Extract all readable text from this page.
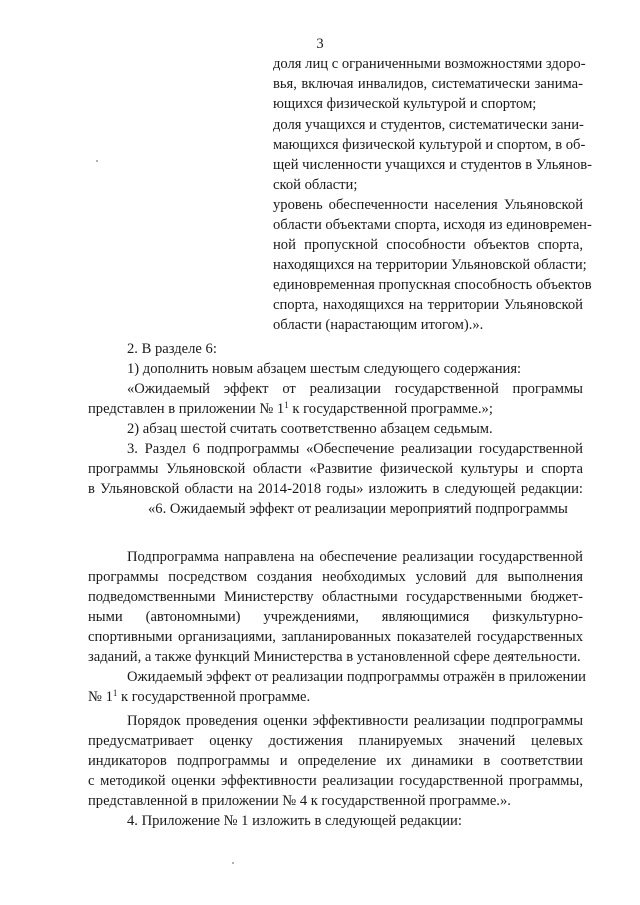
3
доля лиц с ограниченными возможностями здоро-
вья, включая инвалидов, систематически занима-
ющихся физической культурой и спортом;
доля учащихся и студентов, систематически зани-
мающихся физической культурой и спортом, в об-
щей численности учащихся и студентов в Ульянов-
ской области;
уровень обеспеченности населения Ульяновской
области объектами спорта, исходя из единовремен-
ной пропускной способности объектов спорта,
находящихся на территории Ульяновской области;
единовременная пропускная способность объектов
спорта, находящихся на территории Ульяновской
области (нарастающим итогом).».
2. В разделе 6:
1) дополнить новым абзацем шестым следующего содержания:
«Ожидаемый эффект от реализации государственной программы
представлен в приложении № $1^1$ к государственной программе.»;
2) абзац шестой считать соответственно абзацем седьмым.
3. Раздел 6 подпрограммы «Обеспечение реализации государственной
программы Ульяновской области «Развитие физической культуры и спорта
в Ульяновской области на 2014-2018 годы» изложить в следующей редакции:
«6. Ожидаемый эффект от реализации мероприятий подпрограммы
Подпрограмма направлена на обеспечение реализации государственной
программы посредством создания необходимых условий для выполнения
подведомственными Министерству областными государственными бюджет-
ными (автономными) учреждениями, являющимися физкультурно-
спортивными организациями, запланированных показателей государственных
заданий, а также функций Министерства в установленной сфере деятельности.
Ожидаемый эффект от реализации подпрограммы отражён в приложении
№ $1^1$ к государственной программе.
Порядок проведения оценки эффективности реализации подпрограммы
предусматривает оценку достижения планируемых значений целевых
индикаторов подпрограммы и определение их динамики в соответствии
с методикой оценки эффективности реализации государственной программы,
представленной в приложении № 4 к государственной программе.».
4. Приложение № 1 изложить в следующей редакции:
